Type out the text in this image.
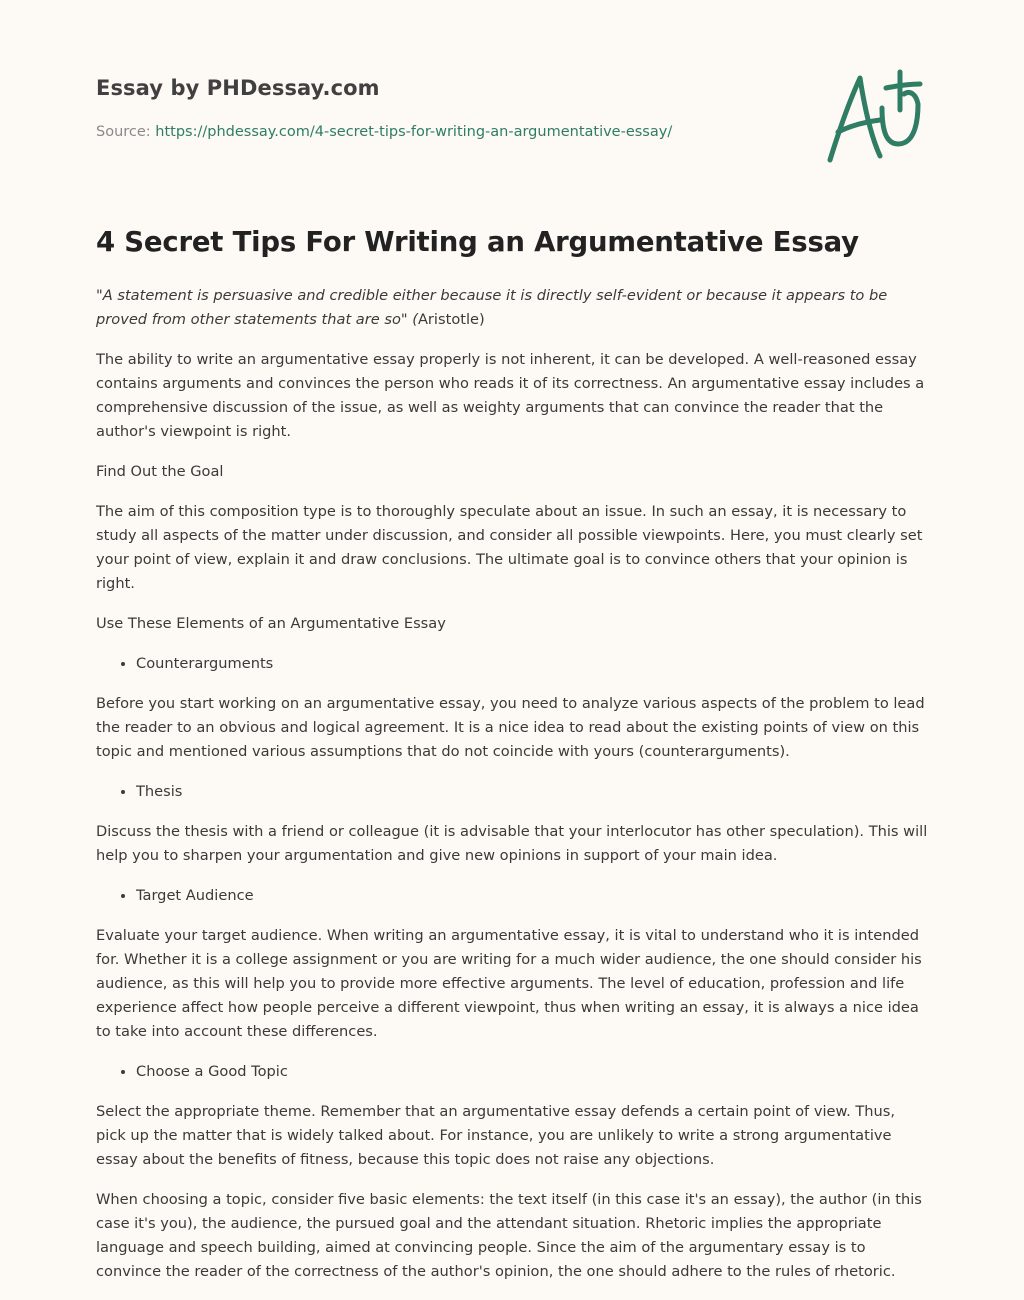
Essay by PHDessay.com
Source: https://phdessay.com/4-secret-tips-for-writing-an-argumentative-essay/
4 Secret Tips For Writing an Argumentative Essay

"A statement is persuasive and credible either because it is directly self-evident or because it appears to be proved from other statements that are so" (Aristotle)

The ability to write an argumentative essay properly is not inherent, it can be developed. A well-reasoned essay contains arguments and convinces the person who reads it of its correctness. An argumentative essay includes a comprehensive discussion of the issue, as well as weighty arguments that can convince the reader that the author's viewpoint is right.

Find Out the Goal

The aim of this composition type is to thoroughly speculate about an issue. In such an essay, it is necessary to study all aspects of the matter under discussion, and consider all possible viewpoints. Here, you must clearly set your point of view, explain it and draw conclusions. The ultimate goal is to convince others that your opinion is right.

Use These Elements of an Argumentative Essay

• Counterarguments

Before you start working on an argumentative essay, you need to analyze various aspects of the problem to lead the reader to an obvious and logical agreement. It is a nice idea to read about the existing points of view on this topic and mentioned various assumptions that do not coincide with yours (counterarguments).

• Thesis

Discuss the thesis with a friend or colleague (it is advisable that your interlocutor has other speculation). This will help you to sharpen your argumentation and give new opinions in support of your main idea.

• Target Audience

Evaluate your target audience. When writing an argumentative essay, it is vital to understand who it is intended for. Whether it is a college assignment or you are writing for a much wider audience, the one should consider his audience, as this will help you to provide more effective arguments. The level of education, profession and life experience affect how people perceive a different viewpoint, thus when writing an essay, it is always a nice idea to take into account these differences.

• Choose a Good Topic

Select the appropriate theme. Remember that an argumentative essay defends a certain point of view. Thus, pick up the matter that is widely talked about. For instance, you are unlikely to write a strong argumentative essay about the benefits of fitness, because this topic does not raise any objections.

When choosing a topic, consider five basic elements: the text itself (in this case it's an essay), the author (in this case it's you), the audience, the pursued goal and the attendant situation. Rhetoric implies the appropriate language and speech building, aimed at convincing people. Since the aim of the argumentary essay is to convince the reader of the correctness of the author's opinion, the one should adhere to the rules of rhetoric.
